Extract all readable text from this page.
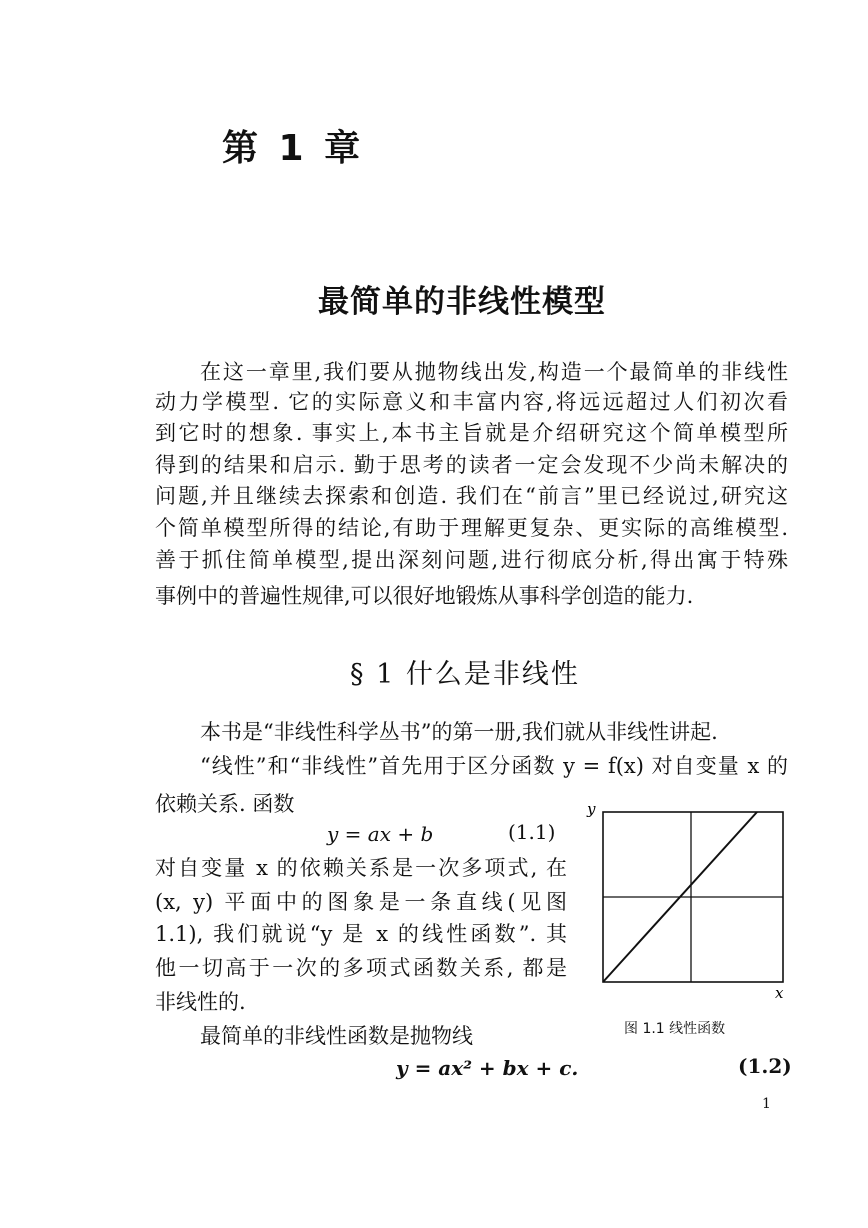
第 1 章
最简单的非线性模型
在这一章里,我们要从抛物线出发,构造一个最简单的非线性
动力学模型. 它的实际意义和丰富内容,将远远超过人们初次看
到它时的想象. 事实上,本书主旨就是介绍研究这个简单模型所
得到的结果和启示. 勤于思考的读者一定会发现不少尚未解决的
问题,并且继续去探索和创造. 我们在“前言”里已经说过,研究这
个简单模型所得的结论,有助于理解更复杂、更实际的高维模型.
善于抓住简单模型,提出深刻问题,进行彻底分析,得出寓于特殊
事例中的普遍性规律,可以很好地锻炼从事科学创造的能力.
§ 1 什么是非线性
本书是“非线性科学丛书”的第一册,我们就从非线性讲起.
“线性”和“非线性”首先用于区分函数 y = f(x) 对自变量 x 的
依赖关系. 函数
y = ax + b	(1.1)
对自变量 x 的依赖关系是一次多项式, 在
(x, y) 平面中的图象是一条直线(见图
1.1), 我们就说“y 是 x 的线性函数”. 其
他一切高于一次的多项式函数关系, 都是
非线性的.
y
x
图 1.1 线性函数
最简单的非线性函数是抛物线
y = ax² + bx + c.	(1.2)
1
